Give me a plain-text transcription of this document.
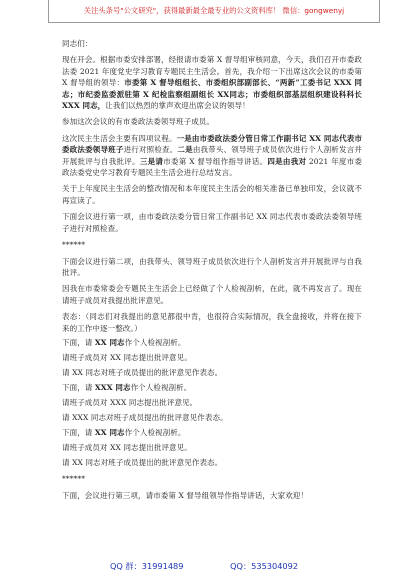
关注头条号"公文研究"，获得最新最全最专业的公文资料库！ 微信：gongwenyj

同志们：

现在开会。根据市委安排部署，经报请市委第 X 督导组审核同意，今天，我们召开市委政法委 2021 年度党史学习教育专题民主生活会。首先，我介绍一下出席这次会议的市委第 X 督导组的领导：市委第 X 督导组组长、市委组织部副部长、“两新”工委书记 XXX 同志；市纪委监委派驻第 X 纪检监察组副组长 XX同志；市委组织部基层组织建设科科长 XXX 同志，让我们以热烈的掌声欢迎出席会议的领导！

参加这次会议的有市委政法委领导班子成员。

这次民主生活会主要有四项议程。一是由市委政法委分管日常工作副书记 XX 同志代表市委政法委领导班子进行对照检查。二是由我带头、领导班子成员依次进行个人剖析发言并开展批评与自我批评。三是请市委第 X 督导组作指导讲话。四是由我对 2021 年度市委政法委党史学习教育专题民主生活会进行总结发言。

关于上年度民主生活会的整改情况和本年度民主生活会的相关准备已单独印发，会议就不再宣读了。

下面会议进行第一项，由市委政法委分管日常工作副书记 XX 同志代表市委政法委领导班子进行对照检查。

******

下面会议进行第二项，由我带头、领导班子成员依次进行个人剖析发言并开展批评与自我批评。

因我在市委常委会专题民主生活会上已经做了个人检视剖析，在此，就不再发言了。现在请班子成员对我提出批评意见。

表态：（同志们对我提出的意见都很中肯，也很符合实际情况，我全盘接收，并将在接下来的工作中逐一整改。）

下面，请 XX 同志作个人检视剖析。

请班子成员对 XX 同志提出批评意见。

请 XX 同志对班子成员提出的批评意见作表态。

下面，请 XXX 同志作个人检视剖析。

请班子成员对 XXX 同志提出批评意见。

请 XXX 同志对班子成员提出的批评意见作表态。

下面，请 XX 同志作个人检视剖析。

请班子成员对 XX 同志提出批评意见。

请 XX 同志对班子成员提出的批评意见作表态。

******

下面，会议进行第三项，请市委第 X 督导组领导作指导讲话，大家欢迎！

QQ 群：31991489	QQ：535304092
